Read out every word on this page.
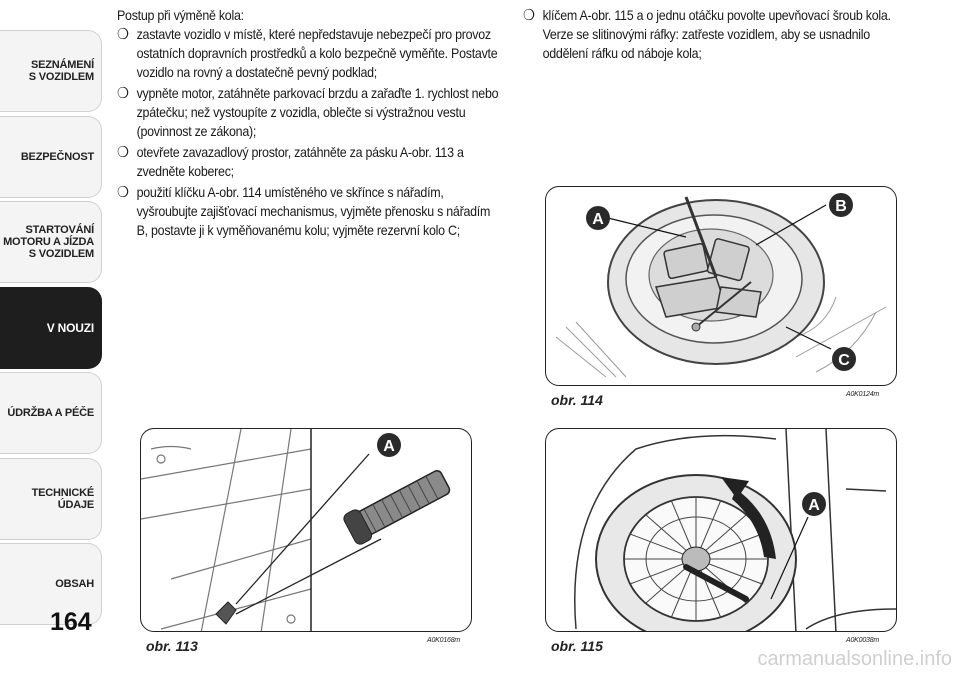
SEZNÁMENÍ
S VOZIDLEM
BEZPEČNOST
STARTOVÁNÍ
MOTORU A JÍZDA
S VOZIDLEM
V NOUZI
ÚDRŽBA A PÉČE
TECHNICKÉ
ÚDAJE
OBSAH
164
Postup při výměně kola:
❍ zastavte vozidlo v místě, které nepředstavuje nebezpečí pro provoz ostatních dopravních prostředků a kolo bezpečně vyměňte. Postavte vozidlo na rovný a dostatečně pevný podklad;
❍ vypněte motor, zatáhněte parkovací brzdu a zařaďte 1. rychlost nebo zpátečku; než vystoupíte z vozidla, oblečte si výstražnou vestu (povinnost ze zákona);
❍ otevřete zavazadlový prostor, zatáhněte za pásku A-obr. 113 a zvedněte koberec;
❍ použití klíčku A-obr. 114 umístěného ve skřínce s nářadím, vyšroubujte zajišťovací mechanismus, vyjměte přenosku s nářadím B, postavte ji k vyměňovanému kolu; vyjměte rezervní kolo C;
❍ klíčem A-obr. 115 a o jednu otáčku povolte upevňovací šroub kola. Verze se slitinovými ráfky: zatřeste vozidlem, aby se usnadnilo oddělení ráfku od náboje kola;
A
B
C
obr. 114	A0K0124m
A
obr. 113	A0K0168m
A
obr. 115	A0K0038m
carmanualsonline.info
